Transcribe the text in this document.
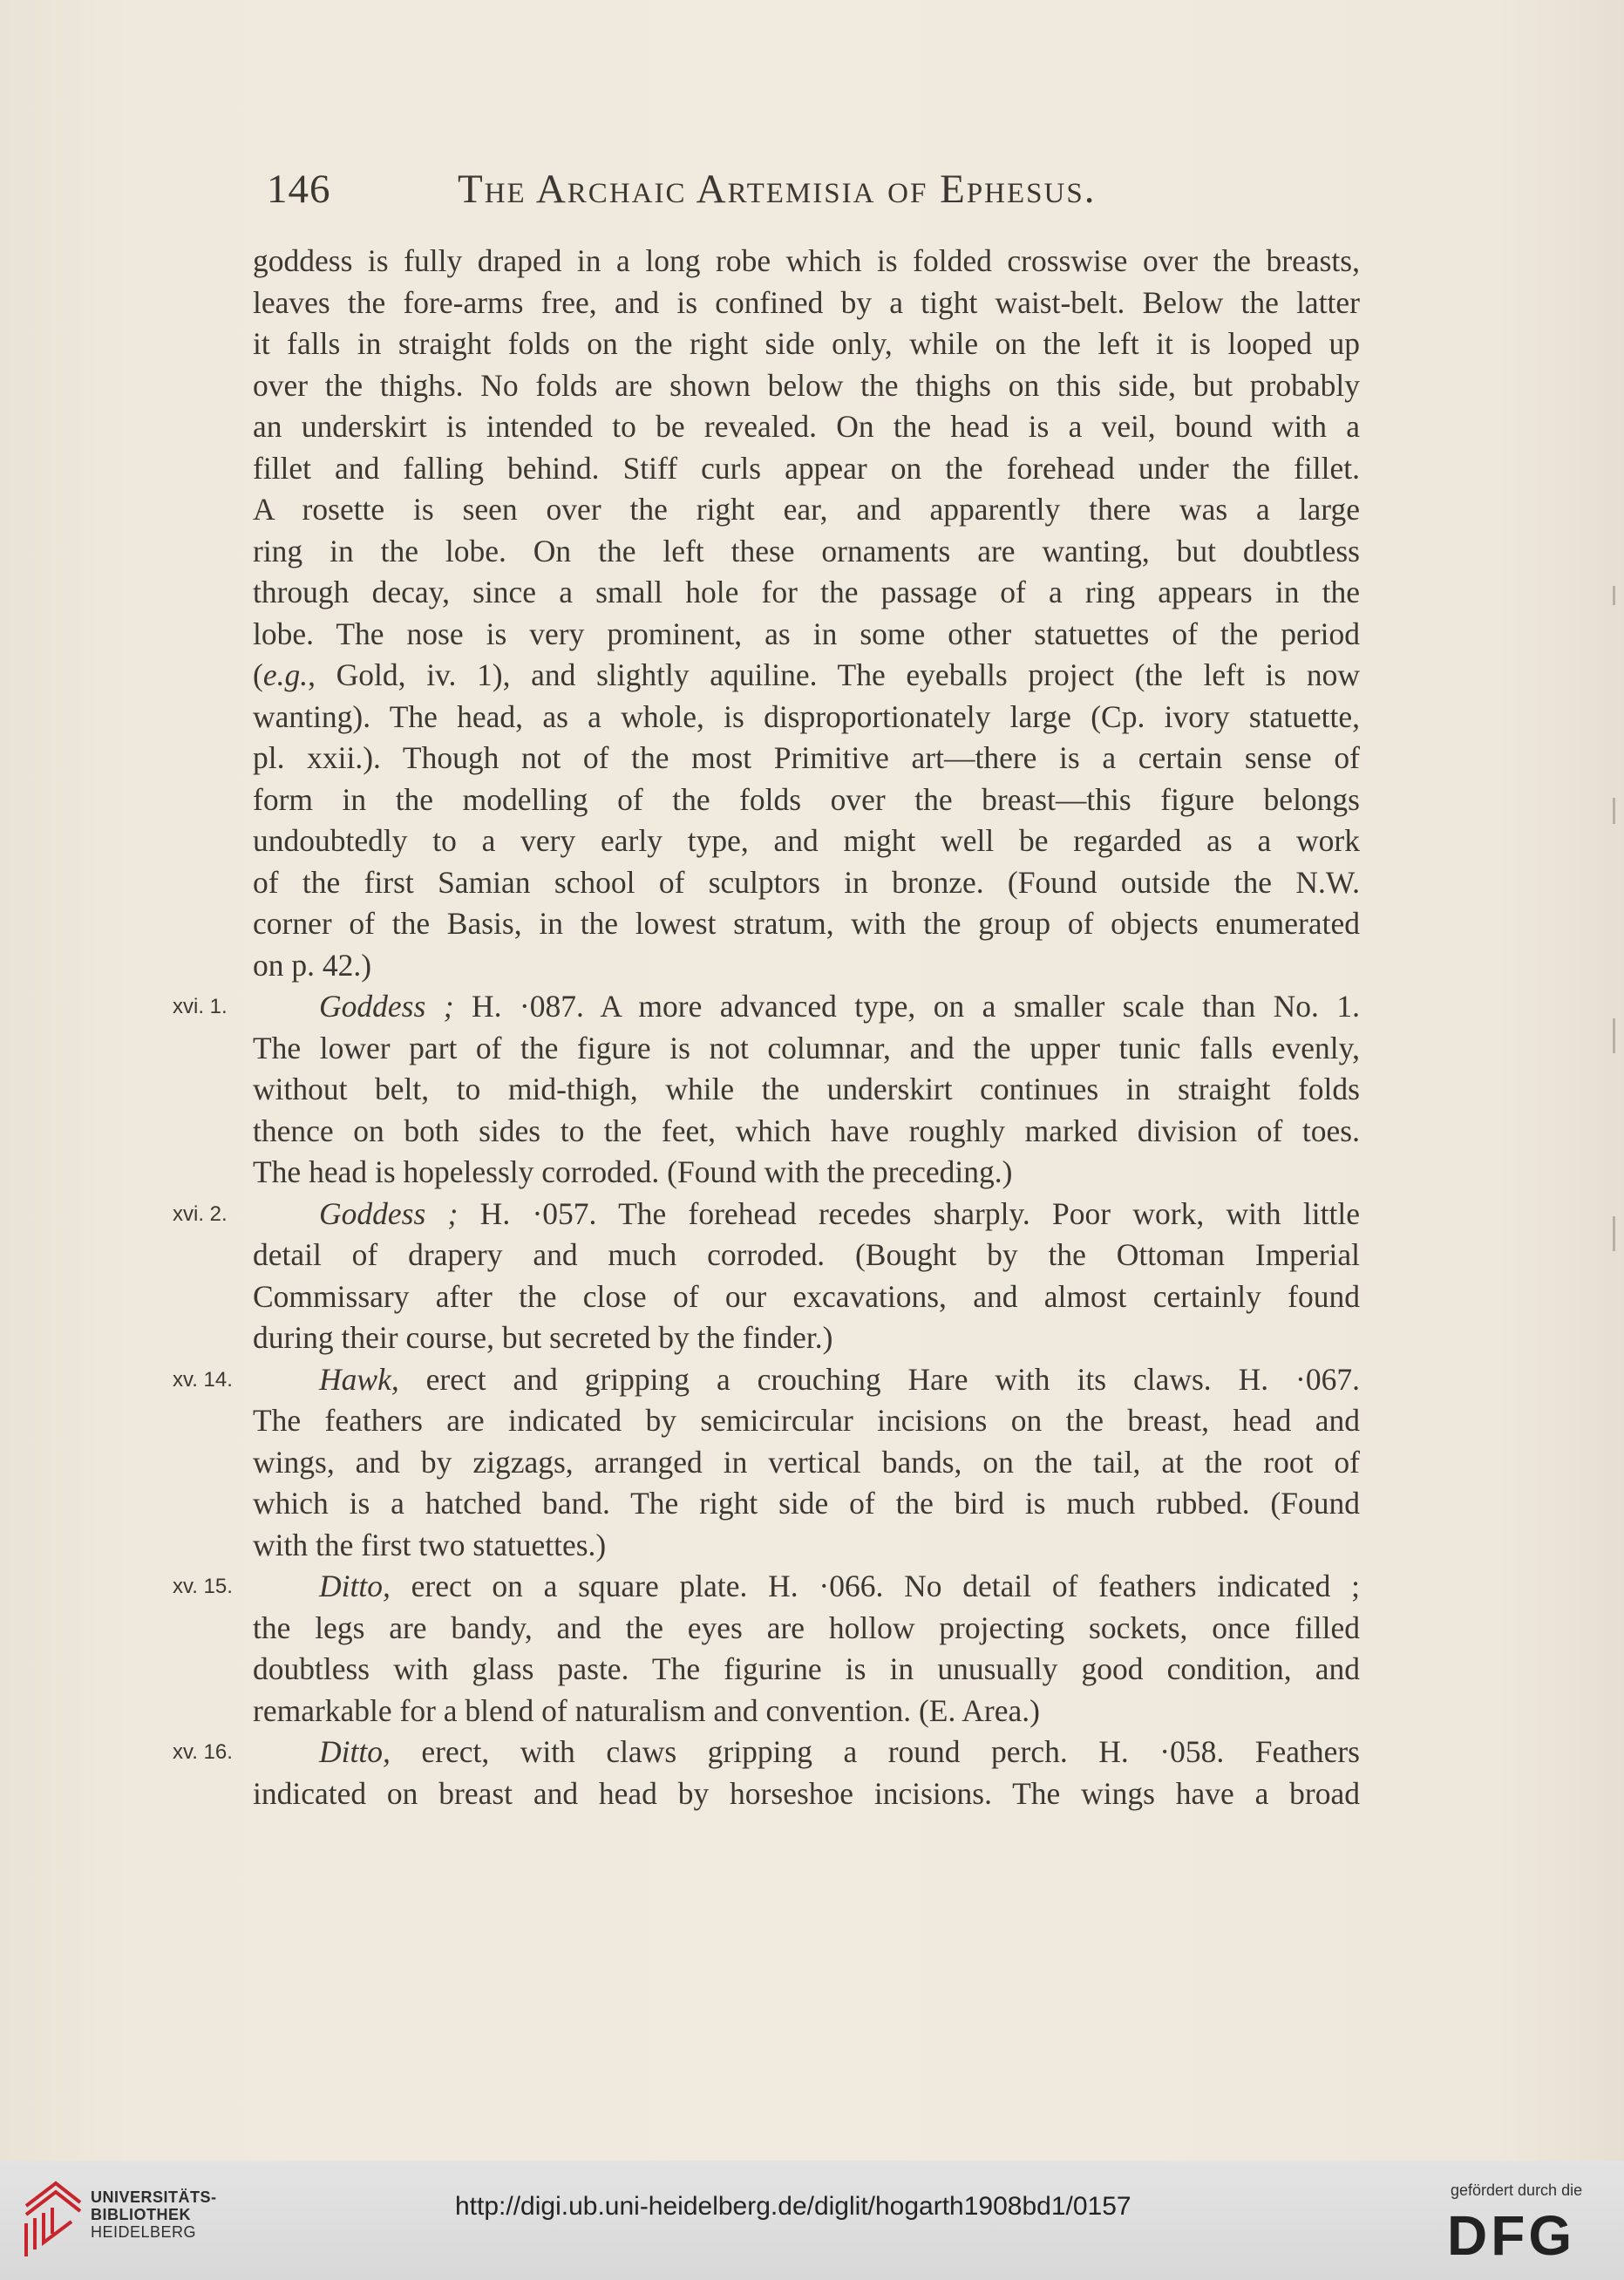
146	The Archaic Artemisia of Ephesus.
goddess is fully draped in a long robe which is folded crosswise over the breasts,
leaves the fore-arms free, and is confined by a tight waist-belt. Below the latter
it falls in straight folds on the right side only, while on the left it is looped up
over the thighs. No folds are shown below the thighs on this side, but probably
an underskirt is intended to be revealed. On the head is a veil, bound with a
fillet and falling behind. Stiff curls appear on the forehead under the fillet.
A rosette is seen over the right ear, and apparently there was a large
ring in the lobe. On the left these ornaments are wanting, but doubtless
through decay, since a small hole for the passage of a ring appears in the
lobe. The nose is very prominent, as in some other statuettes of the period
(e.g., Gold, iv. 1), and slightly aquiline. The eyeballs project (the left is now
wanting). The head, as a whole, is disproportionately large (Cp. ivory statuette,
pl. xxii.). Though not of the most Primitive art—there is a certain sense of
form in the modelling of the folds over the breast—this figure belongs
undoubtedly to a very early type, and might well be regarded as a work
of the first Samian school of sculptors in bronze. (Found outside the N.W.
corner of the Basis, in the lowest stratum, with the group of objects enumerated
on p. 42.)
xvi. 1.	Goddess ; H. ·087. A more advanced type, on a smaller scale than No. 1.
The lower part of the figure is not columnar, and the upper tunic falls evenly,
without belt, to mid-thigh, while the underskirt continues in straight folds
thence on both sides to the feet, which have roughly marked division of toes.
The head is hopelessly corroded. (Found with the preceding.)
xvi. 2.	Goddess ; H. ·057. The forehead recedes sharply. Poor work, with little
detail of drapery and much corroded. (Bought by the Ottoman Imperial
Commissary after the close of our excavations, and almost certainly found
during their course, but secreted by the finder.)
xv. 14.	Hawk, erect and gripping a crouching Hare with its claws. H. ·067.
The feathers are indicated by semicircular incisions on the breast, head and
wings, and by zigzags, arranged in vertical bands, on the tail, at the root of
which is a hatched band. The right side of the bird is much rubbed. (Found
with the first two statuettes.)
xv. 15.	Ditto, erect on a square plate. H. ·066. No detail of feathers indicated ;
the legs are bandy, and the eyes are hollow projecting sockets, once filled
doubtless with glass paste. The figurine is in unusually good condition, and
remarkable for a blend of naturalism and convention. (E. Area.)
xv. 16.	Ditto, erect, with claws gripping a round perch. H. ·058. Feathers
indicated on breast and head by horseshoe incisions. The wings have a broad
UNIVERSITÄTS-
BIBLIOTHEK
HEIDELBERG
http://digi.ub.uni-heidelberg.de/diglit/hogarth1908bd1/0157
gefördert durch die
DFG
